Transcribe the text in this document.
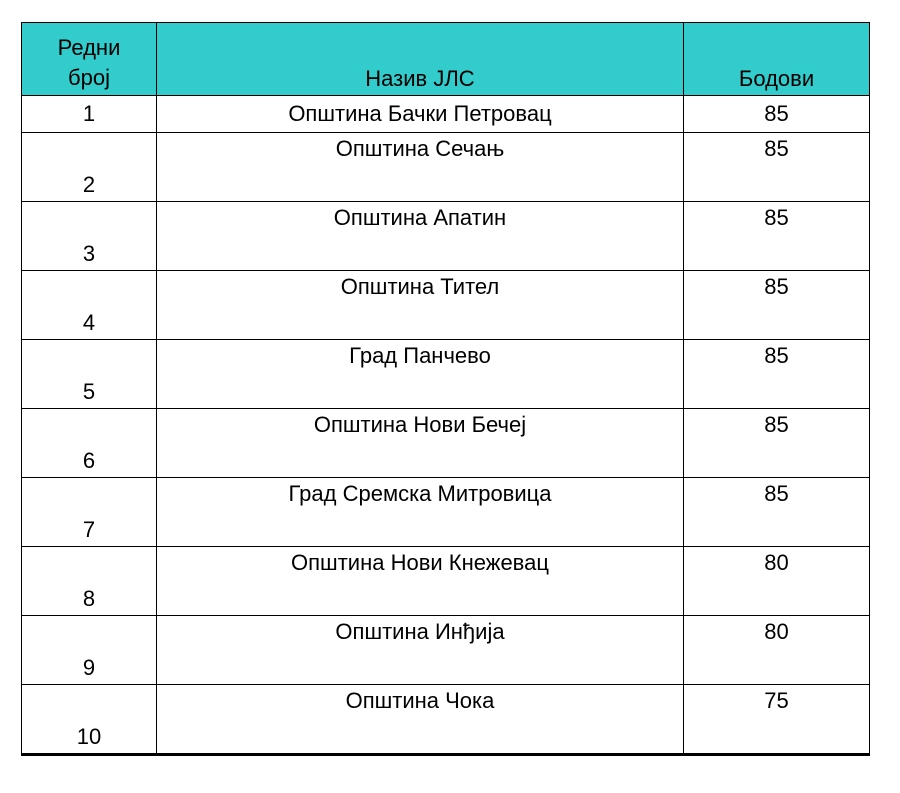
Редни
број	Назив ЈЛС	Бодови
1	Општина Бачки Петровац	85
2	Општина Сечањ	85
3	Општина Апатин	85
4	Општина Тител	85
5	Град Панчево	85
6	Општина Нови Бечеј	85
7	Град Сремска Митровица	85
8	Општина Нови Кнежевац	80
9	Општина Инђија	80
10	Општина Чока	75
